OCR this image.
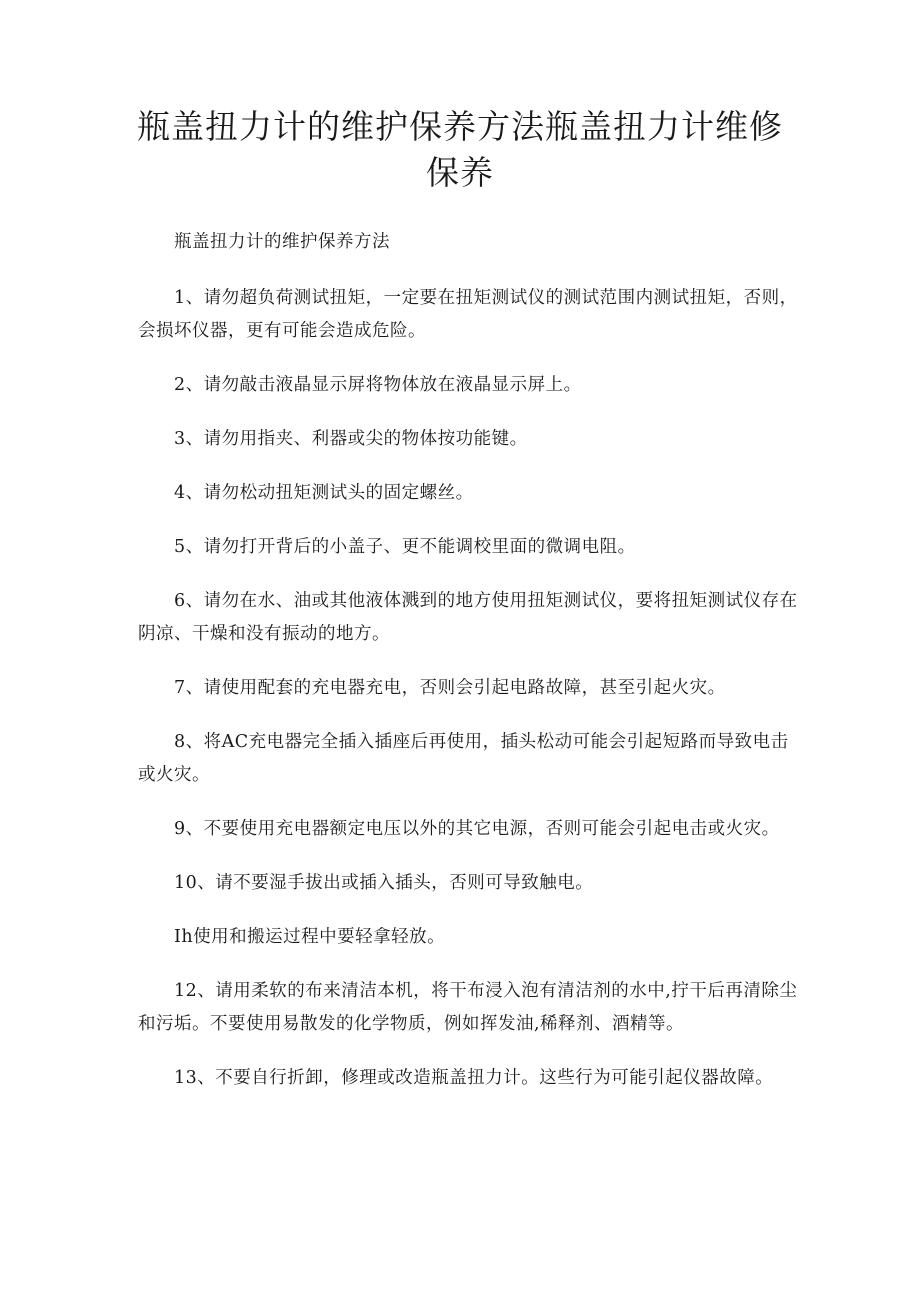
瓶盖扭力计的维护保养方法瓶盖扭力计维修
保养

瓶盖扭力计的维护保养方法

1、请勿超负荷测试扭矩，一定要在扭矩测试仪的测试范围内测试扭矩，否则，会损坏仪器，更有可能会造成危险。

2、请勿敲击液晶显示屏将物体放在液晶显示屏上。

3、请勿用指夹、利器或尖的物体按功能键。

4、请勿松动扭矩测试头的固定螺丝。

5、请勿打开背后的小盖子、更不能调校里面的微调电阻。

6、请勿在水、油或其他液体溅到的地方使用扭矩测试仪，要将扭矩测试仪存在阴凉、干燥和没有振动的地方。

7、请使用配套的充电器充电，否则会引起电路故障，甚至引起火灾。

8、将AC充电器完全插入插座后再使用，插头松动可能会引起短路而导致电击或火灾。

9、不要使用充电器额定电压以外的其它电源，否则可能会引起电击或火灾。

10、请不要湿手拔出或插入插头，否则可导致触电。

Ih使用和搬运过程中要轻拿轻放。

12、请用柔软的布来清洁本机，将干布浸入泡有清洁剂的水中,拧干后再清除尘和污垢。不要使用易散发的化学物质，例如挥发油,稀释剂、酒精等。

13、不要自行折卸，修理或改造瓶盖扭力计。这些行为可能引起仪器故障。
